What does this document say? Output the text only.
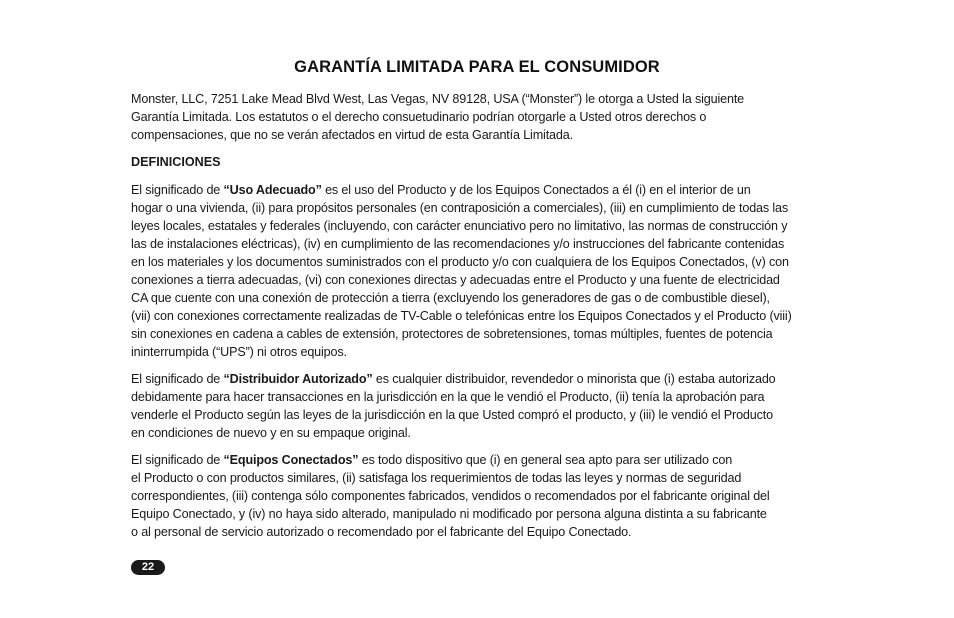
GARANTÍA LIMITADA PARA EL CONSUMIDOR

Monster, LLC, 7251 Lake Mead Blvd West, Las Vegas, NV 89128, USA (“Monster”) le otorga a Usted la siguiente
Garantía Limitada. Los estatutos o el derecho consuetudinario podrían otorgarle a Usted otros derechos o
compensaciones, que no se verán afectados en virtud de esta Garantía Limitada.

DEFINICIONES

El significado de “Uso Adecuado” es el uso del Producto y de los Equipos Conectados a él (i) en el interior de un
hogar o una vivienda, (ii) para propósitos personales (en contraposición a comerciales), (iii) en cumplimiento de todas las
leyes locales, estatales y federales (incluyendo, con carácter enunciativo pero no limitativo, las normas de construcción y
las de instalaciones eléctricas), (iv) en cumplimiento de las recomendaciones y/o instrucciones del fabricante contenidas
en los materiales y los documentos suministrados con el producto y/o con cualquiera de los Equipos Conectados, (v) con
conexiones a tierra adecuadas, (vi) con conexiones directas y adecuadas entre el Producto y una fuente de electricidad
CA que cuente con una conexión de protección a tierra (excluyendo los generadores de gas o de combustible diesel),
(vii) con conexiones correctamente realizadas de TV-Cable o telefónicas entre los Equipos Conectados y el Producto (viii)
sin conexiones en cadena a cables de extensión, protectores de sobretensiones, tomas múltiples, fuentes de potencia
ininterrumpida (“UPS”) ni otros equipos.

El significado de “Distribuidor Autorizado” es cualquier distribuidor, revendedor o minorista que (i) estaba autorizado
debidamente para hacer transacciones en la jurisdicción en la que le vendió el Producto, (ii) tenía la aprobación para
venderle el Producto según las leyes de la jurisdicción en la que Usted compró el producto, y (iii) le vendió el Producto
en condiciones de nuevo y en su empaque original.

El significado de “Equipos Conectados” es todo dispositivo que (i) en general sea apto para ser utilizado con
el Producto o con productos similares, (ii) satisfaga los requerimientos de todas las leyes y normas de seguridad
correspondientes, (iii) contenga sólo componentes fabricados, vendidos o recomendados por el fabricante original del
Equipo Conectado, y (iv) no haya sido alterado, manipulado ni modificado por persona alguna distinta a su fabricante
o al personal de servicio autorizado o recomendado por el fabricante del Equipo Conectado.

22
